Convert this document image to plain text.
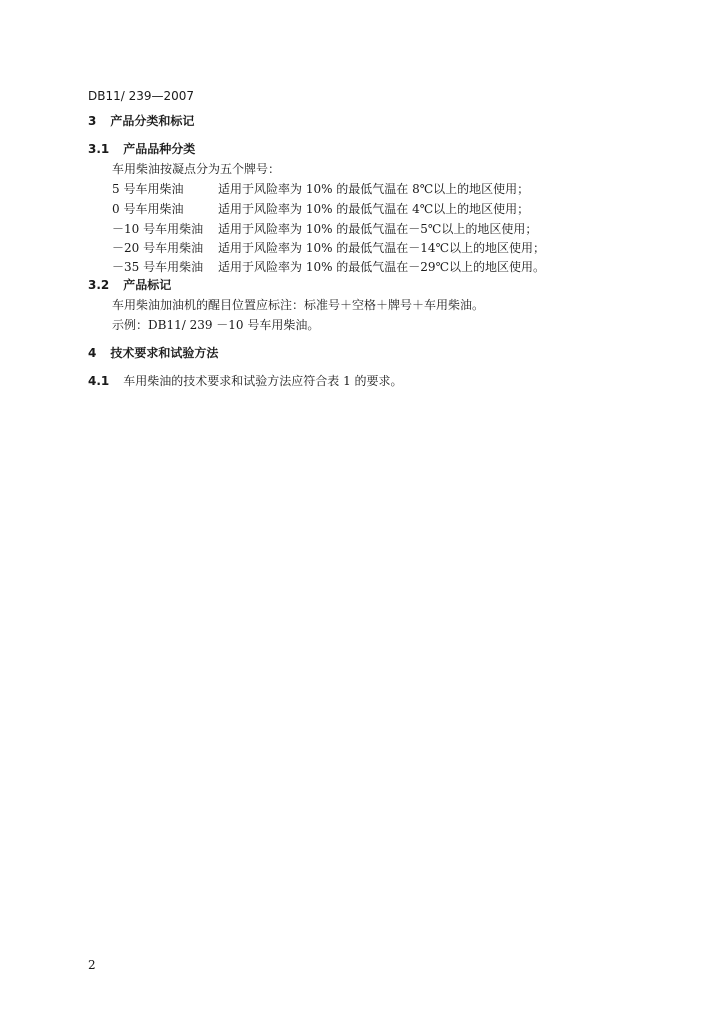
DB11/ 239—2007
3 产品分类和标记
3.1 产品品种分类
车用柴油按凝点分为五个牌号：
5 号车用柴油	适用于风险率为 10% 的最低气温在 8℃以上的地区使用；
0 号车用柴油	适用于风险率为 10% 的最低气温在 4℃以上的地区使用；
－10 号车用柴油 适用于风险率为 10% 的最低气温在－5℃以上的地区使用；
－20 号车用柴油 适用于风险率为 10% 的最低气温在－14℃以上的地区使用；
－35 号车用柴油 适用于风险率为 10% 的最低气温在－29℃以上的地区使用。
3.2 产品标记
车用柴油加油机的醒目位置应标注：标准号＋空格＋牌号＋车用柴油。
示例：DB11/ 239 －10 号车用柴油。
4 技术要求和试验方法
4.1 车用柴油的技术要求和试验方法应符合表 1 的要求。
2
